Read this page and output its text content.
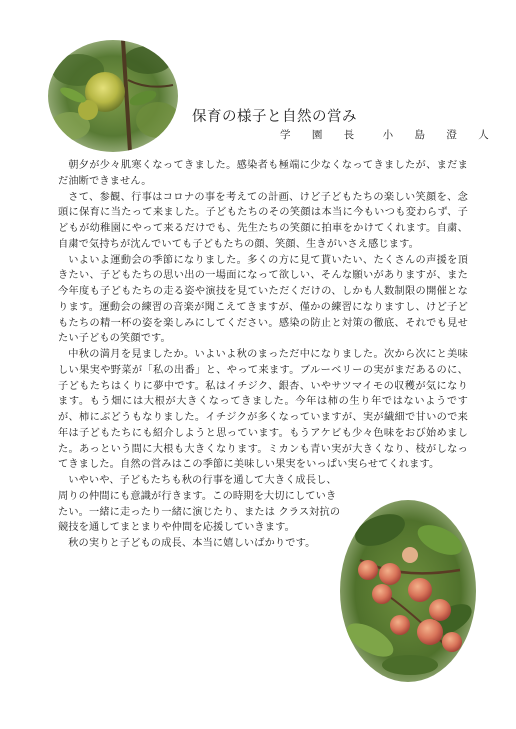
保育の様子と自然の営み
学 園 長　小 島 澄 人

朝夕が少々肌寒くなってきました。感染者も極端に少なくなってきましたが、まだまだ油断できません。

さて、参観、行事はコロナの事を考えての計画、けど子どもたちの楽しい笑顔を、念頭に保育に当たって来ました。子どもたちのその笑顔は本当に今もいつも変わらず、子どもが幼稚園にやって来るだけでも、先生たちの笑顔に拍車をかけてくれます。自粛、自粛で気持ちが沈んでいても子どもたちの顔、笑顔、生きがいさえ感じます。

いよいよ運動会の季節になりました。多くの方に見て貰いたい、たくさんの声援を頂きたい、子どもたちの思い出の一場面になって欲しい、そんな願いがありますが、また今年度も子どもたちの走る姿や演技を見ていただくだけの、しかも人数制限の開催となります。運動会の練習の音楽が聞こえてきますが、僅かの練習になりますし、けど子どもたちの精一杯の姿を楽しみにしてください。感染の防止と対策の徹底、それでも見せたい子どもの笑顔です。

中秋の満月を見ましたか。いよいよ秋のまっただ中になりました。次から次にと美味しい果実や野菜が「私の出番」と、やって来ます。ブルーベリーの実がまだあるのに、子どもたちはくりに夢中です。私はイチジク、銀杏、いやサツマイモの収穫が気になります。もう畑には大根が大きくなってきました。今年は柿の生り年ではないようですが、柿にぶどうもなりました。イチジクが多くなっていますが、実が繊細で甘いので来年は子どもたちにも紹介しようと思っています。もうアケビも少々色味をおび始めました。あっという間に大根も大きくなります。ミカンも青い実が大きくなり、枝がしなってきました。自然の営みはこの季節に美味しい果実をいっぱい実らせてくれます。

いやいや、子どもたちも秋の行事を通して大きく成長し、周りの仲間にも意識が行きます。この時期を大切にしていきたい。一緒に走ったり一緒に演じたり、または クラス対抗の競技を通してまとまりや仲間を応援していきます。

秋の実りと子どもの成長、本当に嬉しいばかりです。
